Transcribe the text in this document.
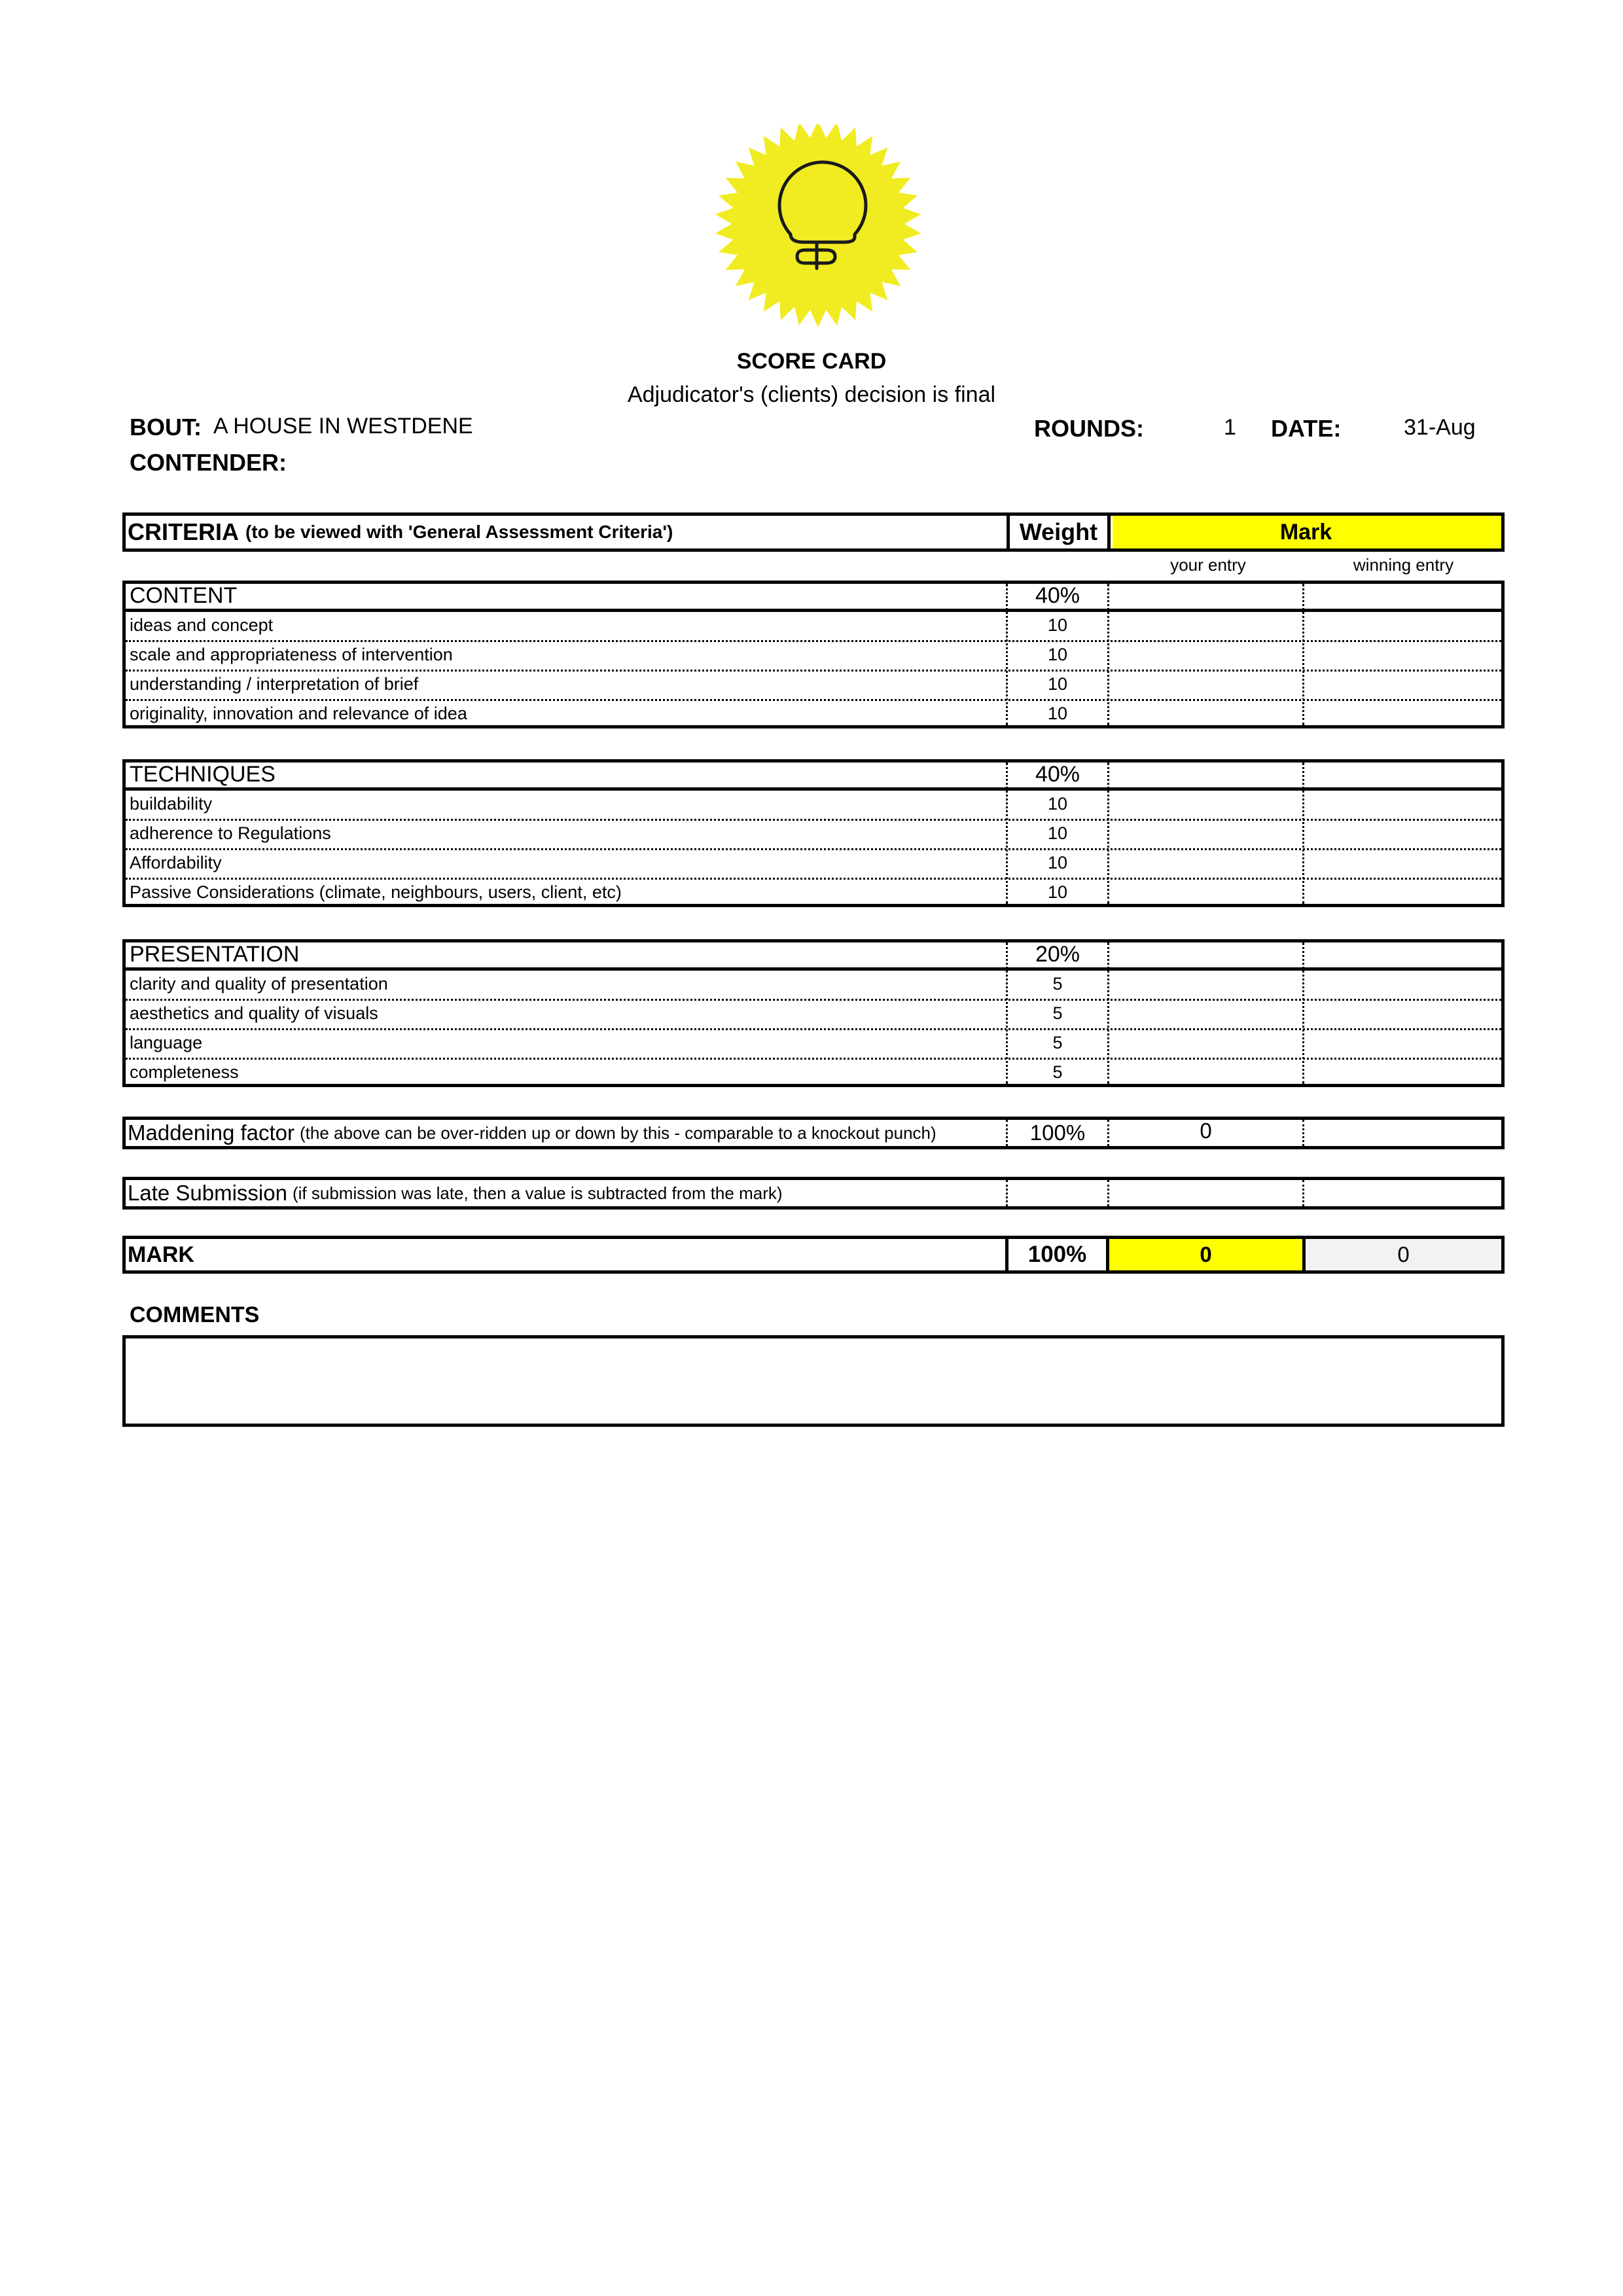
SCORE CARD
Adjudicator's (clients) decision is final
BOUT: A HOUSE IN WESTDENE
CONTENDER:
ROUNDS:	1 DATE:	31-Aug
CRITERIA (to be viewed with 'General Assessment Criteria')	Weight	Mark
your entry	winning entry
CONTENT	40%
ideas and concept	10
scale and appropriateness of intervention	10
understanding / interpretation of brief	10
originality, innovation and relevance of idea	10
TECHNIQUES	40%
buildability	10
adherence to Regulations	10
Affordability	10
Passive Considerations (climate, neighbours, users, client, etc)	10
PRESENTATION	20%
clarity and quality of presentation	5
aesthetics and quality of visuals	5
language	5
completeness	5
Maddening factor (the above can be over-ridden up or down by this - comparable to a knockout punch)	100%	0
Late Submission (if submission was late, then a value is subtracted from the mark)
MARK	100%	0	0
COMMENTS
